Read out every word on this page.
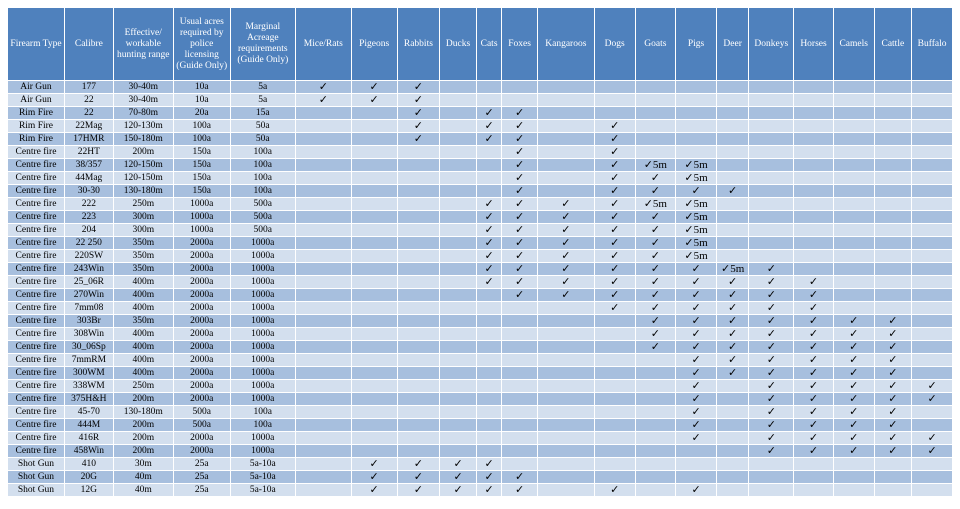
Firearm Type	Calibre	Effective/ workable hunting range	Usual acres required by police licensing (Guide Only)	Marginal Acreage requirements (Guide Only)	Mice/Rats	Pigeons	Rabbits	Ducks	Cats	Foxes	Kangaroos	Dogs	Goats	Pigs	Deer	Donkeys	Horses	Camels	Cattle	Buffalo
Air Gun	177	30-40m	10a	5a	✓	✓	✓													
Air Gun	22	30-40m	10a	5a	✓	✓	✓													
Rim Fire	22	70-80m	20a	15a			✓		✓	✓										
Rim Fire	22Mag	120-130m	100a	50a			✓		✓	✓		✓								
Rim Fire	17HMR	150-180m	100a	50a			✓		✓	✓		✓								
Centre fire	22HT	200m	150a	100a						✓		✓								
Centre fire	38/357	120-150m	150a	100a						✓		✓	✓5m	✓5m						
Centre fire	44Mag	120-150m	150a	100a						✓		✓	✓	✓5m						
Centre fire	30-30	130-180m	150a	100a						✓		✓	✓	✓	✓					
Centre fire	222	250m	1000a	500a					✓	✓	✓	✓	✓5m	✓5m						
Centre fire	223	300m	1000a	500a					✓	✓	✓	✓	✓	✓5m						
Centre fire	204	300m	1000a	500a					✓	✓	✓	✓	✓	✓5m						
Centre fire	22 250	350m	2000a	1000a					✓	✓	✓	✓	✓	✓5m						
Centre fire	220SW	350m	2000a	1000a					✓	✓	✓	✓	✓	✓5m						
Centre fire	243Win	350m	2000a	1000a					✓	✓	✓	✓	✓	✓	✓5m	✓				
Centre fire	25_06R	400m	2000a	1000a					✓	✓	✓	✓	✓	✓	✓	✓	✓			
Centre fire	270Win	400m	2000a	1000a						✓	✓	✓	✓	✓	✓	✓	✓			
Centre fire	7mm08	400m	2000a	1000a								✓	✓	✓	✓	✓	✓			
Centre fire	303Br	350m	2000a	1000a									✓	✓	✓	✓	✓	✓	✓	
Centre fire	308Win	400m	2000a	1000a									✓	✓	✓	✓	✓	✓	✓	
Centre fire	30_06Sp	400m	2000a	1000a									✓	✓	✓	✓	✓	✓	✓	
Centre fire	7mmRM	400m	2000a	1000a										✓	✓	✓	✓	✓	✓	
Centre fire	300WM	400m	2000a	1000a										✓	✓	✓	✓	✓	✓	
Centre fire	338WM	250m	2000a	1000a										✓		✓	✓	✓	✓	✓
Centre fire	375H&H	200m	2000a	1000a										✓		✓	✓	✓	✓	✓
Centre fire	45-70	130-180m	500a	100a										✓		✓	✓	✓	✓	
Centre fire	444M	200m	500a	100a										✓		✓	✓	✓	✓	
Centre fire	416R	200m	2000a	1000a										✓		✓	✓	✓	✓	✓
Centre fire	458Win	200m	2000a	1000a												✓	✓	✓	✓	✓
Shot Gun	410	30m	25a	5a-10a		✓	✓	✓	✓											
Shot Gun	20G	40m	25a	5a-10a		✓	✓	✓	✓	✓										
Shot Gun	12G	40m	25a	5a-10a		✓	✓	✓	✓	✓		✓		✓						
